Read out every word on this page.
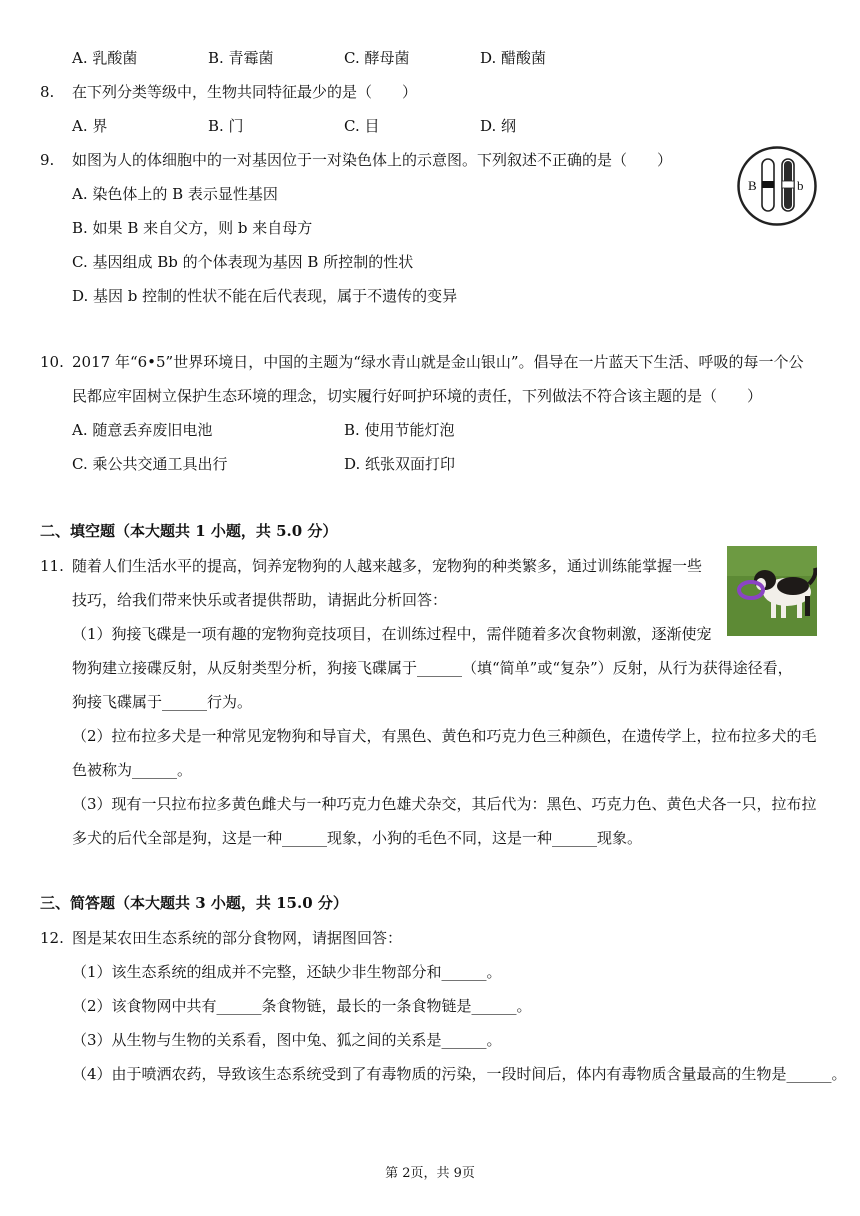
A. 乳酸菌	B. 青霉菌	C. 酵母菌	D. 醋酸菌
8. 在下列分类等级中，生物共同特征最少的是（　　）
A. 界	B. 门	C. 目	D. 纲
9. 如图为人的体细胞中的一对基因位于一对染色体上的示意图。下列叙述不正确的是（　　）
A. 染色体上的 B 表示显性基因
B. 如果 B 来自父方，则 b 来自母方
C. 基因组成 Bb 的个体表现为基因 B 所控制的性状
D. 基因 b 控制的性状不能在后代表现，属于不遗传的变异
B	b
10. 2017 年“6•5”世界环境日，中国的主题为“绿水青山就是金山银山”。倡导在一片蓝天下生活、呼吸的每一个公
民都应牢固树立保护生态环境的理念，切实履行好呵护环境的责任，下列做法不符合该主题的是（　　）
A. 随意丢弃废旧电池	B. 使用节能灯泡
C. 乘公共交通工具出行	D. 纸张双面打印
二、填空题（本大题共 1 小题，共 5.0 分）
11. 随着人们生活水平的提高，饲养宠物狗的人越来越多，宠物狗的种类繁多，通过训练能掌握一些
技巧，给我们带来快乐或者提供帮助，请据此分析回答：
（1）狗接飞碟是一项有趣的宠物狗竞技项目，在训练过程中，需伴随着多次食物刺激，逐渐使宠
物狗建立接碟反射，从反射类型分析，狗接飞碟属于______（填“简单”或“复杂”）反射，从行为获得途径看，
狗接飞碟属于______行为。
（2）拉布拉多犬是一种常见宠物狗和导盲犬，有黑色、黄色和巧克力色三种颜色，在遗传学上，拉布拉多犬的毛
色被称为______。
（3）现有一只拉布拉多黄色雌犬与一种巧克力色雄犬杂交，其后代为：黑色、巧克力色、黄色犬各一只，拉布拉
多犬的后代全部是狗，这是一种______现象，小狗的毛色不同，这是一种______现象。
三、简答题（本大题共 3 小题，共 15.0 分）
12. 图是某农田生态系统的部分食物网，请据图回答：
（1）该生态系统的组成并不完整，还缺少非生物部分和______。
（2）该食物网中共有______条食物链，最长的一条食物链是______。
（3）从生物与生物的关系看，图中兔、狐之间的关系是______。
（4）由于喷洒农药，导致该生态系统受到了有毒物质的污染，一段时间后，体内有毒物质含量最高的生物是______。
第 2页，共 9页
